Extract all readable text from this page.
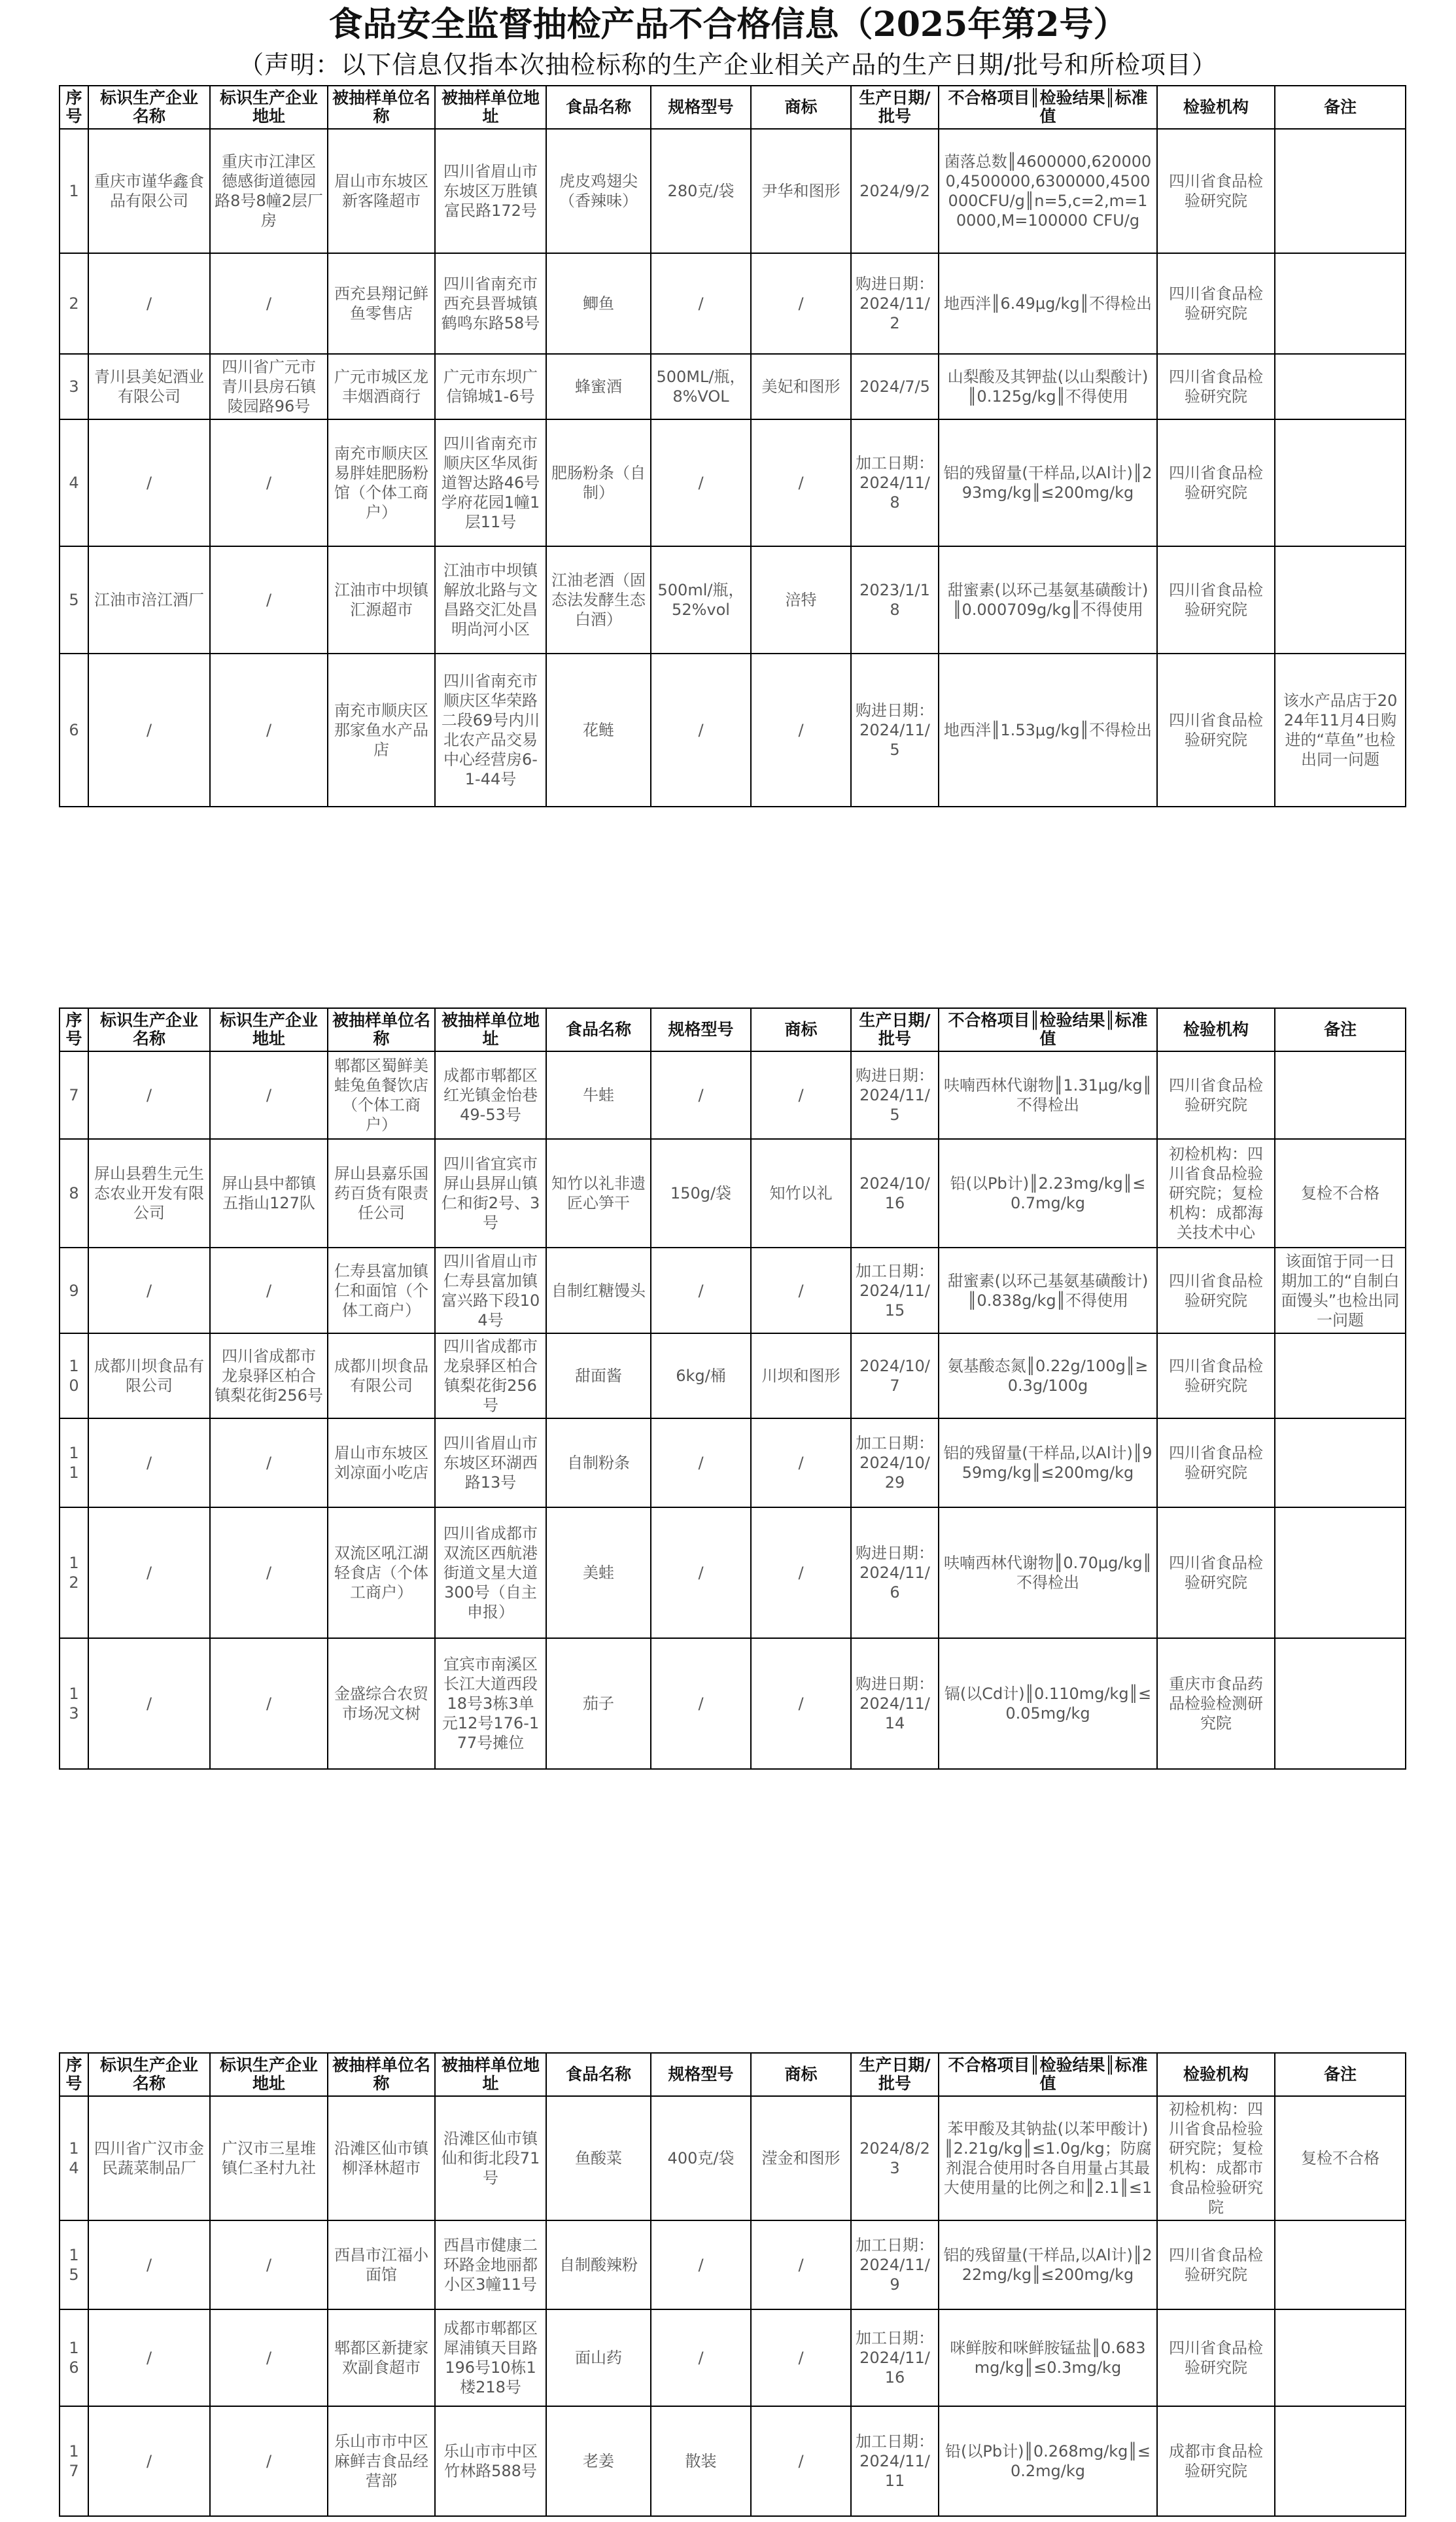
食品安全监督抽检产品不合格信息（2025年第2号）
（声明：以下信息仅指本次抽检标称的生产企业相关产品的生产日期/批号和所检项目）
序号	标识生产企业名称	标识生产企业地址	被抽样单位名称	被抽样单位地址	食品名称	规格型号	商标	生产日期/批号	不合格项目║检验结果║标准值	检验机构	备注
1	重庆市谨华鑫食品有限公司	重庆市江津区德感街道德园路8号8幢2层厂房	眉山市东坡区新客隆超市	四川省眉山市东坡区万胜镇富民路172号	虎皮鸡翅尖（香辣味）	280克/袋	尹华和图形	2024/9/2	菌落总数║4600000,6200000,4500000,6300000,4500000CFU/g║n=5,c=2,m=10000,M=100000 CFU/g	四川省食品检验研究院	
2	/	/	西充县翔记鲜鱼零售店	四川省南充市西充县晋城镇鹤鸣东路58号	鲫鱼	/	/	购进日期：2024/11/2	地西泮║6.49μg/kg║不得检出	四川省食品检验研究院	
3	青川县美妃酒业有限公司	四川省广元市青川县房石镇陵园路96号	广元市城区龙丰烟酒商行	广元市东坝广信锦城1-6号	蜂蜜酒	500ML/瓶，8%VOL	美妃和图形	2024/7/5	山梨酸及其钾盐(以山梨酸计)║0.125g/kg║不得使用	四川省食品检验研究院	
4	/	/	南充市顺庆区易胖娃肥肠粉馆（个体工商户）	四川省南充市顺庆区华凤街道智达路46号学府花园1幢1层11号	肥肠粉条（自制）	/	/	加工日期：2024/11/8	铝的残留量(干样品,以Al计)║293mg/kg║≤200mg/kg	四川省食品检验研究院	
5	江油市涪江酒厂	/	江油市中坝镇汇源超市	江油市中坝镇解放北路与文昌路交汇处昌明尚河小区	江油老酒（固态法发酵生态白酒）	500ml/瓶，52%vol	涪特	2023/1/18	甜蜜素(以环己基氨基磺酸计)║0.000709g/kg║不得使用	四川省食品检验研究院	
6	/	/	南充市顺庆区那家鱼水产品店	四川省南充市顺庆区华荣路二段69号内川北农产品交易中心经营房6-1-44号	花鲢	/	/	购进日期：2024/11/5	地西泮║1.53μg/kg║不得检出	四川省食品检验研究院	该水产品店于2024年11月4日购进的“草鱼”也检出同一问题
序号	标识生产企业名称	标识生产企业地址	被抽样单位名称	被抽样单位地址	食品名称	规格型号	商标	生产日期/批号	不合格项目║检验结果║标准值	检验机构	备注
7	/	/	郫都区蜀鲜美蛙兔鱼餐饮店（个体工商户）	成都市郫都区红光镇金怡巷49-53号	牛蛙	/	/	购进日期：2024/11/5	呋喃西林代谢物║1.31μg/kg║不得检出	四川省食品检验研究院	
8	屏山县碧生元生态农业开发有限公司	屏山县中都镇五指山127队	屏山县嘉乐国药百货有限责任公司	四川省宜宾市屏山县屏山镇仁和街2号、3号	知竹以礼非遗匠心笋干	150g/袋	知竹以礼	2024/10/16	铅(以Pb计)║2.23mg/kg║≤0.7mg/kg	初检机构：四川省食品检验研究院；复检机构：成都海关技术中心	复检不合格
9	/	/	仁寿县富加镇仁和面馆（个体工商户）	四川省眉山市仁寿县富加镇富兴路下段104号	自制红糖馒头	/	/	加工日期：2024/11/15	甜蜜素(以环己基氨基磺酸计)║0.838g/kg║不得使用	四川省食品检验研究院	该面馆于同一日期加工的“自制白面馒头”也检出同一问题
10	成都川坝食品有限公司	四川省成都市龙泉驿区柏合镇梨花街256号	成都川坝食品有限公司	四川省成都市龙泉驿区柏合镇梨花街256号	甜面酱	6kg/桶	川坝和图形	2024/10/7	氨基酸态氮║0.22g/100g║≥0.3g/100g	四川省食品检验研究院	
11	/	/	眉山市东坡区刘凉面小吃店	四川省眉山市东坡区环湖西路13号	自制粉条	/	/	加工日期：2024/10/29	铝的残留量(干样品,以Al计)║959mg/kg║≤200mg/kg	四川省食品检验研究院	
12	/	/	双流区吼江湖轻食店（个体工商户）	四川省成都市双流区西航港街道文星大道300号（自主申报）	美蛙	/	/	购进日期：2024/11/6	呋喃西林代谢物║0.70μg/kg║不得检出	四川省食品检验研究院	
13	/	/	金盛综合农贸市场况文树	宜宾市南溪区长江大道西段18号3栋3单元12号176-177号摊位	茄子	/	/	购进日期：2024/11/14	镉(以Cd计)║0.110mg/kg║≤0.05mg/kg	重庆市食品药品检验检测研究院	
序号	标识生产企业名称	标识生产企业地址	被抽样单位名称	被抽样单位地址	食品名称	规格型号	商标	生产日期/批号	不合格项目║检验结果║标准值	检验机构	备注
14	四川省广汉市金民蔬菜制品厂	广汉市三星堆镇仁圣村九社	沿滩区仙市镇柳泽林超市	沿滩区仙市镇仙和街北段71号	鱼酸菜	400克/袋	滢金和图形	2024/8/23	苯甲酸及其钠盐(以苯甲酸计)║2.21g/kg║≤1.0g/kg；防腐剂混合使用时各自用量占其最大使用量的比例之和║2.1║≤1	初检机构：四川省食品检验研究院；复检机构：成都市食品检验研究院	复检不合格
15	/	/	西昌市江福小面馆	西昌市健康二环路金地丽都小区3幢11号	自制酸辣粉	/	/	加工日期：2024/11/9	铝的残留量(干样品,以Al计)║222mg/kg║≤200mg/kg	四川省食品检验研究院	
16	/	/	郫都区新捷家欢副食超市	成都市郫都区犀浦镇天目路196号10栋1楼218号	面山药	/	/	加工日期：2024/11/16	咪鲜胺和咪鲜胺锰盐║0.683mg/kg║≤0.3mg/kg	四川省食品检验研究院	
17	/	/	乐山市市中区麻鲜吉食品经营部	乐山市市中区竹林路588号	老姜	散装	/	加工日期：2024/11/11	铅(以Pb计)║0.268mg/kg║≤0.2mg/kg	成都市食品检验研究院	
